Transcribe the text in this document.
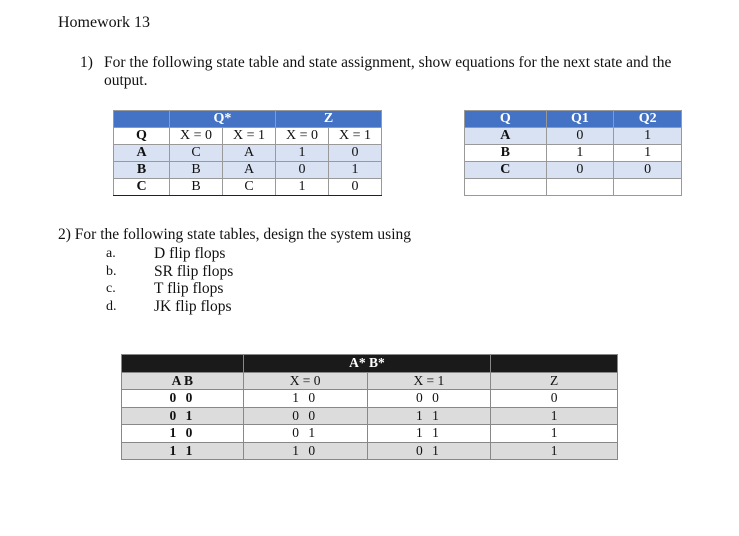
Homework 13
1) For the following state table and state assignment, show equations for the next state and the output.
	Q*		Z	
Q	X = 0	X = 1	X = 0	X = 1
A	C	A	1	0
B	B	A	0	1
C	B	C	1	0
Q	Q1	Q2
A	0	1
B	1	1
C	0	0

2) For the following state tables, design the system using
a.	D flip flops
b.	SR flip flops
c.	T flip flops
d.	JK flip flops
	A* B*		
A B	X = 0	X = 1	Z
0 0	1 0	0 0	0
0 1	0 0	1 1	1
1 0	0 1	1 1	1
1 1	1 0	0 1	1
